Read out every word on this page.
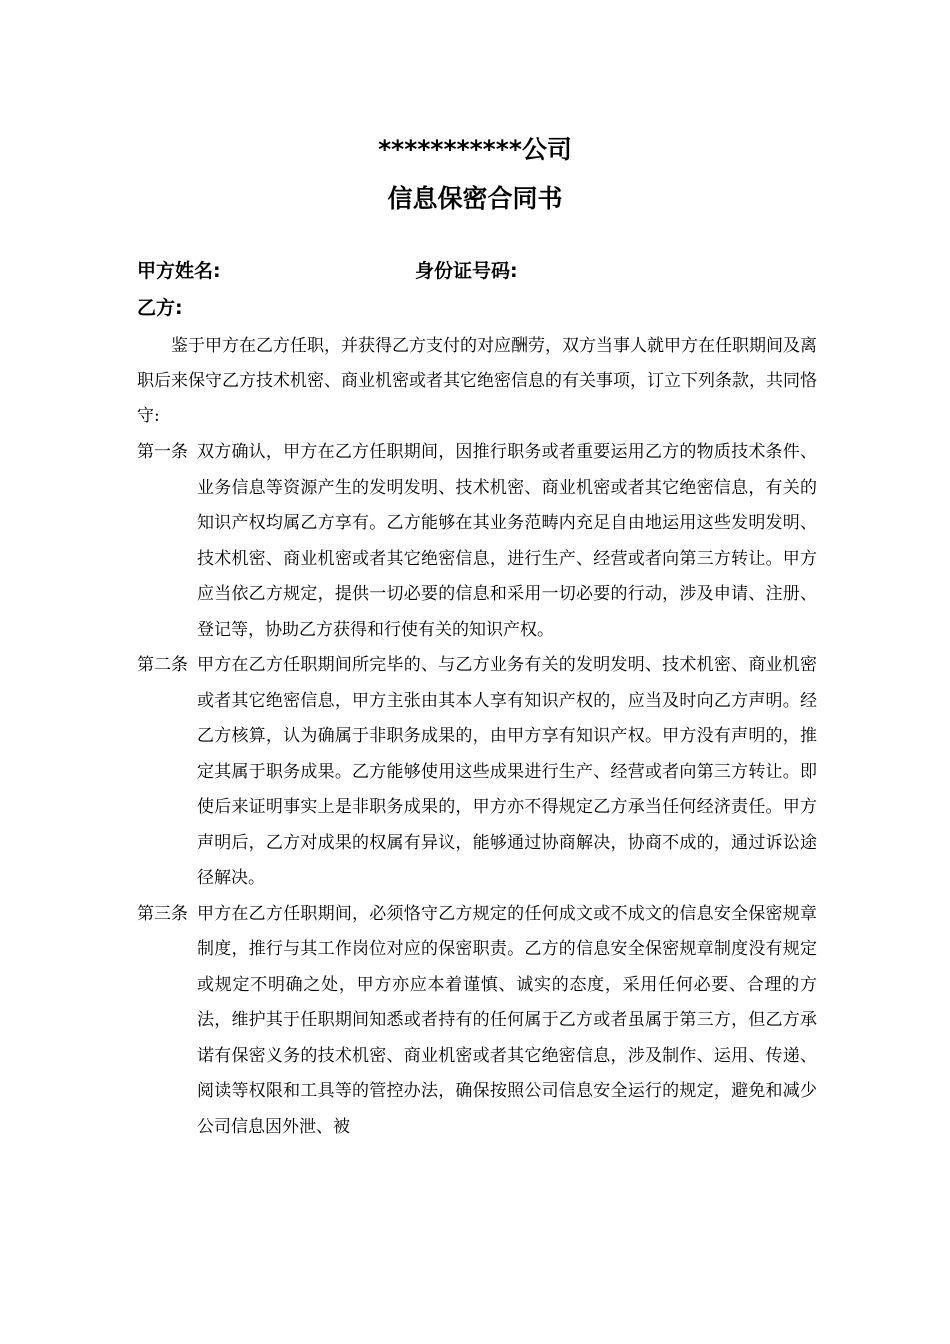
***********公司
信息保密合同书
甲方姓名:	身份证号码:
乙方:

鉴于甲方在乙方任职，并获得乙方支付的对应酬劳，双方当事人就甲方在任职期间及离职后来保守乙方技术机密、商业机密或者其它绝密信息的有关事项，订立下列条款，共同恪守:

第一条 双方确认，甲方在乙方任职期间，因推行职务或者重要运用乙方的物质技术条件、业务信息等资源产生的发明发明、技术机密、商业机密或者其它绝密信息，有关的知识产权均属乙方享有。乙方能够在其业务范畴内充足自由地运用这些发明发明、技术机密、商业机密或者其它绝密信息，进行生产、经营或者向第三方转让。甲方应当依乙方规定，提供一切必要的信息和采用一切必要的行动，涉及申请、注册、登记等，协助乙方获得和行使有关的知识产权。
第二条 甲方在乙方任职期间所完毕的、与乙方业务有关的发明发明、技术机密、商业机密或者其它绝密信息，甲方主张由其本人享有知识产权的，应当及时向乙方声明。经乙方核算，认为确属于非职务成果的，由甲方享有知识产权。甲方没有声明的，推定其属于职务成果。乙方能够使用这些成果进行生产、经营或者向第三方转让。即使后来证明事实上是非职务成果的，甲方亦不得规定乙方承当任何经济责任。甲方声明后，乙方对成果的权属有异议，能够通过协商解决，协商不成的，通过诉讼途径解决。
第三条 甲方在乙方任职期间，必须恪守乙方规定的任何成文或不成文的信息安全保密规章制度，推行与其工作岗位对应的保密职责。乙方的信息安全保密规章制度没有规定或规定不明确之处，甲方亦应本着谨慎、诚实的态度，采用任何必要、合理的方法，维护其于任职期间知悉或者持有的任何属于乙方或者虽属于第三方，但乙方承诺有保密义务的技术机密、商业机密或者其它绝密信息，涉及制作、运用、传递、阅读等权限和工具等的管控办法，确保按照公司信息安全运行的规定，避免和减少公司信息因外泄、被
